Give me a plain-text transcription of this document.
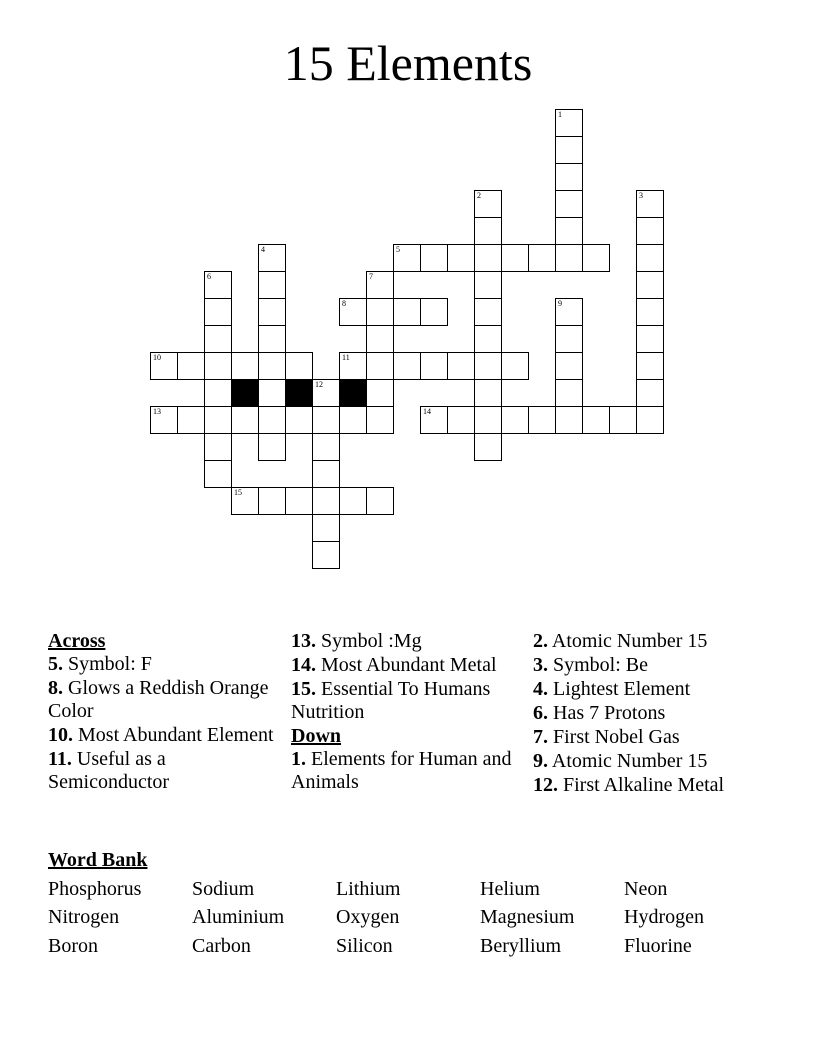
15 Elements
1
2	3
4	5
6	7
8	9
10	11
12
13	14
15
Across
5. Symbol: F
8. Glows a Reddish Orange Color
10. Most Abundant Element
11. Useful as a Semiconductor
13. Symbol :Mg
14. Most Abundant Metal
15. Essential To Humans Nutrition
Down
1. Elements for Human and Animals
2. Atomic Number 15
3. Symbol: Be
4. Lightest Element
6. Has 7 Protons
7. First Nobel Gas
9. Atomic Number 15
12. First Alkaline Metal
Word Bank
Phosphorus	Sodium	Lithium	Helium	Neon
Nitrogen	Aluminium	Oxygen	Magnesium	Hydrogen
Boron	Carbon	Silicon	Beryllium	Fluorine
